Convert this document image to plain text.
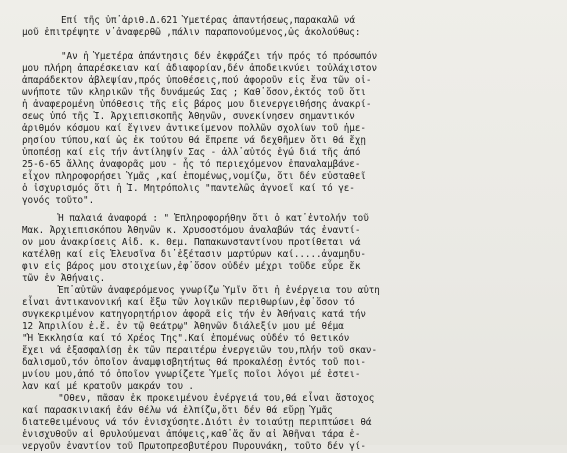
Επί τῆς ὑπ᾿ἀριθ.Δ.621 Ὑμετέρας ἀπαντήσεως,παρακαλῶ νά
μοῦ ἐπιτρέψητε ν᾿ἀναφερθῶ ,πάλιν παραπονούμενος,ὡς ἀκολούθως:
"Αν ἡ Ὑμετέρα ἀπάντησις δέν ἐκφράζει τήν πρός τό πρόσωπόν
μου πλήρη ἀπαρέσκειαν καί ἀδιαφορίαν,δέν ἀποδεικνύει τοὐλάχιστον
ἀπαράδεκτον ἀβλεψίαν,πρός ὑποθέσεις,πού ἀφοροῦν εἰς ἕνα τῶν οἰ-
ωνήποτε τῶν κληρικῶν τῆς δυνάμεώς Σας ; Καθ᾿ὅσον,ἐκτός τοῦ ὅτι
ἡ ἀναφερομένη ὑπόθεσις τῆς εἰς βάρος μου διενεργειθήσης ἀνακρί-
σεως ὑπό τῆς Ἰ. Ἀρχιεπισκοπῆς Ἀθηνῶν, συνεκίνησεν σημαντικόν
ἀριθμόν κόσμου καί ἔγινεν ἀντικείμενον πολλῶν σχολίων τοῦ ἡμε-
ρησίου τύπου,καί ὡς ἐκ τούτου θά ἔπρεπε νά δεχθῆμεν ὅτι θά ἔχῃ
ὑποπέσῃ καί εἰς τήν ἀντίληψίν Σας - ἀλλ᾿αὐτός ἐγώ διά τῆς ἀπό
25-6-65 ἄλλης ἀναφορᾶς μου - ἧς τό περιεχόμενον ἐπαναλαμβάνε-
εἶχον πληροφορήσει Ὑμᾶς ,καί ἑπομένως,νομίζω, ὅτι δέν εὐσταθεῖ
ὁ ἰσχυρισμός ὅτι ἡ Ἰ. Μητρόπολις "παντελῶς ἀγνοεῖ καί τό γε-
γονός τοῦτο".
Ἡ παλαιά ἀναφορά : " Ἐπληροφορήθην ὅτι ὁ κατ᾿ἐντολήν τοῦ
Μακ. Ἀρχιεπισκόπου Ἀθηνῶν κ. Χρυσοστόμου ἀναλαβών τάς ἐναντί-
ον μου ἀνακρίσεις Αἰδ. κ. Θεμ. Παπακωνσταντίνου προτίθεται νά
κατέλθῃ καί εἰς Ἐλευσῖνα δι᾿ἐξέτασιν μαρτύρων καί.....ἀναμηδυ-
φιν εἰς βάρος μου στοιχείων,ἐφ᾿ὅσον οὐδέν μέχρι τοῦδε εὗρε ἔκ
τῶν ἐν Ἀθήναις.
Ἐπ᾿αὐτῶν ἀναφερόμενος γνωρίζω Ὑμῖν ὅτι ἡ ἐνέργεια του αὐτη
εἶναι ἀντικανονική καί ἔξω τῶν λογικῶν περιθωρίων,ἐφ᾿ὅσον τό
συγκεκριμένον κατηγορητήριον ἀφορᾶ εἰς τήν ἐν Ἀθήναις κατά τήν
12 Ἀπριλίου ἐ.ἔ. ἐν τῷ θεάτρῳ" Ἀθηνῶν διάλεξίν μου μέ θέμα
"Ἡ Ἐκκλησία καί τό Χρέος Της".Καί ἑπομένως οὐδέν τό θετικόν
ἔχει νά ἐξασφαλίσῃ ἐκ τῶν περαιτέρω ἐνεργειῶν του,πλήν τοῦ σκαν-
δαλισμοῦ,τόν ὁποῖον ἀναμφισβητήτως θά προκαλέσῃ ἐντός τοῦ ποι-
μνίου μου,ἀπό τό ὁποῖον γνωρίζετε Ὑμεῖς ποῖοι λόγοι μέ ἐστει-
λαν καί μέ κρατοῦν μακράν του .
"Οθεν, πᾶσαν ἐκ προκειμένου ἐνέργειά του,θά εἶναι ἄστοχος
καί παρασκινιακή ἐάν θέλω νά ἐλπίζω,ὅτι δέν θά εὕρῃ Ὑμᾶς
διατεθειμένους νά τόν ἐνισχύσητε.Διότι ἐν τοιαύτῃ περιπτώσει θά
ἐνισχυθοῦν αἱ θρυλούμεναι ἀπόψεις,καθ᾿ἅς ἄν αἱ Ἀθῆναι τάρα ἐ-
νεργοῦν ἐναντίον τοῦ Πρωτοπρεσβυτέρου Πυρουνάκη, τοῦτο δέν γί-
